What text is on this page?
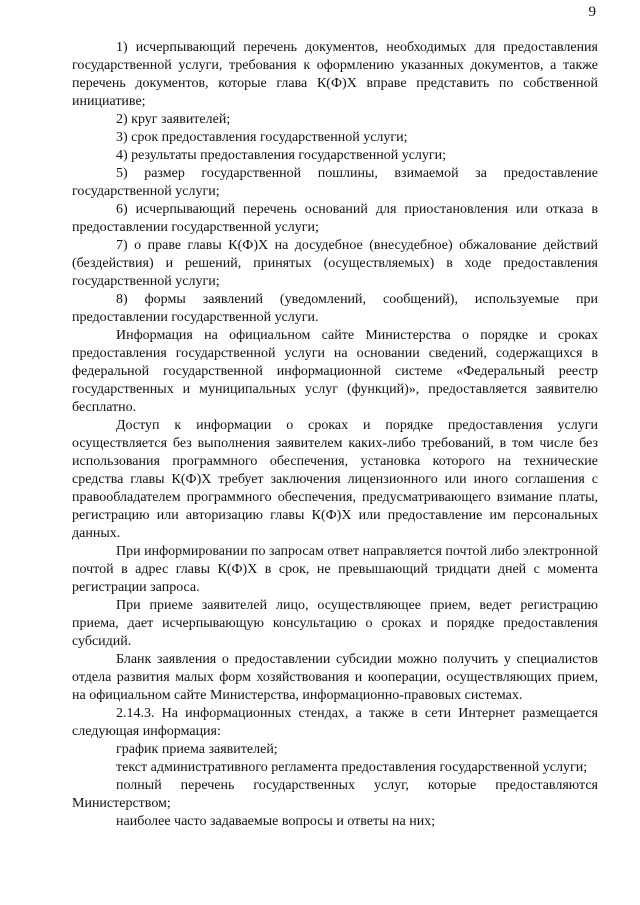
9

1) исчерпывающий перечень документов, необходимых для предоставления государственной услуги, требования к оформлению указанных документов, а также перечень документов, которые глава К(Ф)Х вправе представить по собственной инициативе;

2) круг заявителей;

3) срок предоставления государственной услуги;

4) результаты предоставления государственной услуги;

5) размер государственной пошлины, взимаемой за предоставление государственной услуги;

6) исчерпывающий перечень оснований для приостановления или отказа в предоставлении государственной услуги;

7) о праве главы К(Ф)Х на досудебное (внесудебное) обжалование действий (бездействия) и решений, принятых (осуществляемых) в ходе предоставления государственной услуги;

8) формы заявлений (уведомлений, сообщений), используемые при предоставлении государственной услуги.

Информация на официальном сайте Министерства о порядке и сроках предоставления государственной услуги на основании сведений, содержащихся в федеральной государственной информационной системе «Федеральный реестр государственных и муниципальных услуг (функций)», предоставляется заявителю бесплатно.

Доступ к информации о сроках и порядке предоставления услуги осуществляется без выполнения заявителем каких-либо требований, в том числе без использования программного обеспечения, установка которого на технические средства главы К(Ф)Х требует заключения лицензионного или иного соглашения с правообладателем программного обеспечения, предусматривающего взимание платы, регистрацию или авторизацию главы К(Ф)Х или предоставление им персональных данных.

При информировании по запросам ответ направляется почтой либо электронной почтой в адрес главы К(Ф)Х в срок, не превышающий тридцати дней с момента регистрации запроса.

При приеме заявителей лицо, осуществляющее прием, ведет регистрацию приема, дает исчерпывающую консультацию о сроках и порядке предоставления субсидий.

Бланк заявления о предоставлении субсидии можно получить у специалистов отдела развития малых форм хозяйствования и кооперации, осуществляющих прием, на официальном сайте Министерства, информационно-правовых системах.

2.14.3. На информационных стендах, а также в сети Интернет размещается следующая информация:

график приема заявителей;

текст административного регламента предоставления государственной услуги;

полный перечень государственных услуг, которые предоставляются Министерством;

наиболее часто задаваемые вопросы и ответы на них;
